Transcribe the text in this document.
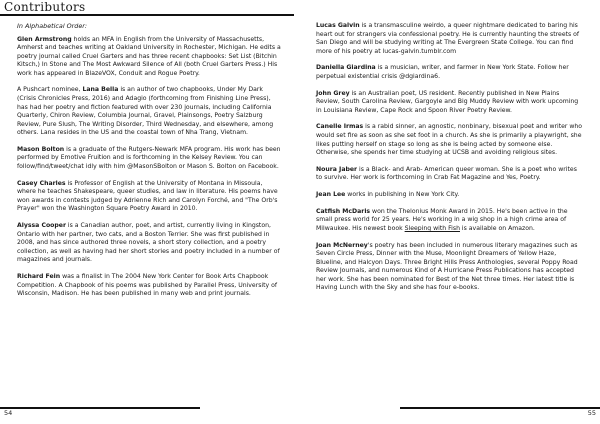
Contributors

In Alphabetical Order:

Glen Armstrong holds an MFA in English from the University of Massachusetts, Amherst and teaches writing at Oakland University in Rochester, Michigan. He edits a poetry journal called Cruel Garters and has three recent chapbooks: Set List (Bitchin Kitsch,) In Stone and The Most Awkward Silence of All (both Cruel Garters Press.) His work has appeared in BlazeVOX, Conduit and Rogue Poetry.

A Pushcart nominee, Lana Bella is an author of two chapbooks, Under My Dark (Crisis Chronicles Press, 2016) and Adagio (forthcoming from Finishing Line Press), has had her poetry and fiction featured with over 230 journals, including California Quarterly, Chiron Review, Columbia Journal, Gravel, Plainsongs, Poetry Salzburg Review, Pure Slush, The Writing Disorder, Third Wednesday, and elsewhere, among others. Lana resides in the US and the coastal town of Nha Trang, Vietnam.

Mason Bolton is a graduate of the Rutgers-Newark MFA program. His work has been performed by Emotive Fruition and is forthcoming in the Kelsey Review. You can follow/find/tweet/chat idly with him @MasonSBolton or Mason S. Bolton on Facebook.

Casey Charles is Professor of English at the University of Montana in Missoula, where he teaches Shakespeare, queer studies, and law in literature. His poems have won awards in contests judged by Adrienne Rich and Carolyn Forché, and "The Orb's Prayer" won the Washington Square Poetry Award in 2010.

Alyssa Cooper is a Canadian author, poet, and artist, currently living in Kingston, Ontario with her partner, two cats, and a Boston Terrier. She was first published in 2008, and has since authored three novels, a short story collection, and a poetry collection, as well as having had her short stories and poetry included in a number of magazines and journals.

Richard Fein was a finalist in The 2004 New York Center for Book Arts Chapbook Competition. A Chapbook of his poems was published by Parallel Press, University of Wisconsin, Madison. He has been published in many web and print journals.

Lucas Galvin is a transmasculine weirdo, a queer nightmare dedicated to baring his heart out for strangers via confessional poetry. He is currently haunting the streets of San Diego and will be studying writing at The Evergreen State College. You can find more of his poetry at lucas-galvin.tumblr.com

Daniella Giardina is a musician, writer, and farmer in New York State. Follow her perpetual existential crisis @dgiardina6.

John Grey is an Australian poet, US resident. Recently published in New Plains Review, South Carolina Review, Gargoyle and Big Muddy Review with work upcoming in Louisiana Review, Cape Rock and Spoon River Poetry Review.

Canelle Irmas is a rabid sinner, an agnostic, nonbinary, bisexual poet and writer who would set fire as soon as she set foot in a church. As she is primarily a playwright, she likes putting herself on stage so long as she is being acted by someone else. Otherwise, she spends her time studying at UCSB and avoiding religious sites.

Noura Jaber is a Black- and Arab- American queer woman. She is a poet who writes to survive. Her work is forthcoming in Crab Fat Magazine and Yes, Poetry.

Jean Lee works in publishing in New York City.

Catfish McDaris won the Thelonius Monk Award in 2015. He's been active in the small press world for 25 years. He's working in a wig shop in a high crime area of Milwaukee. His newest book Sleeping with Fish is available on Amazon.

Joan McNerney's poetry has been included in numerous literary magazines such as Seven Circle Press, Dinner with the Muse, Moonlight Dreamers of Yellow Haze, Blueline, and Halcyon Days. Three Bright Hills Press Anthologies, several Poppy Road Review Journals, and numerous Kind of A Hurricane Press Publications has accepted her work. She has been nominated for Best of the Net three times. Her latest title is Having Lunch with the Sky and she has four e-books.

54	55
